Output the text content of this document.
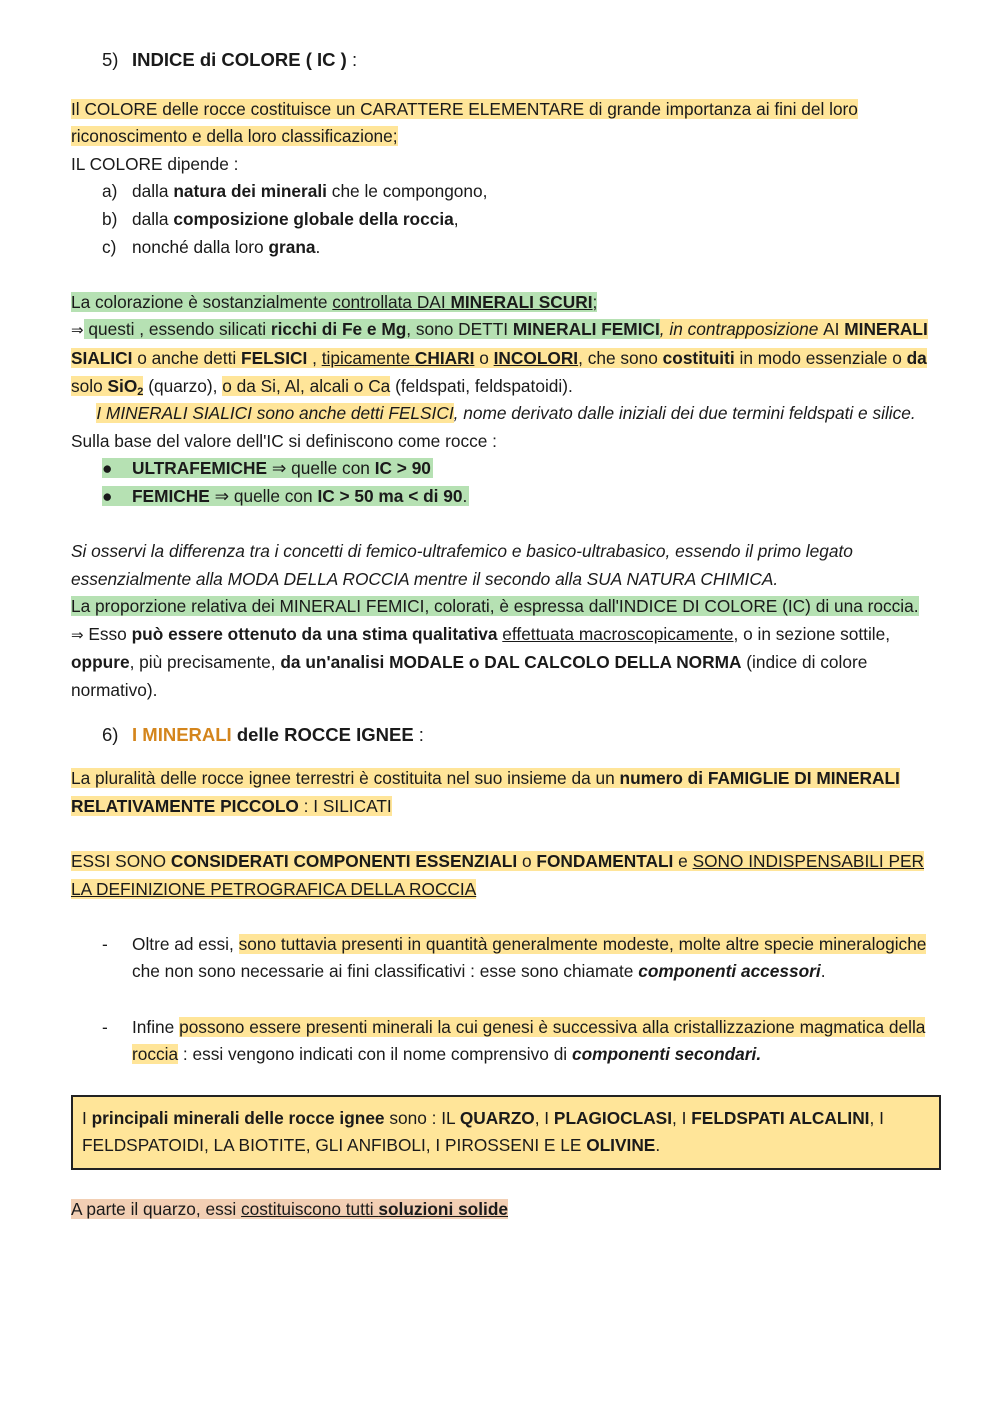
5) INDICE di COLORE ( IC ) :

Il COLORE delle rocce costituisce un CARATTERE ELEMENTARE di grande importanza ai fini del loro riconoscimento e della loro classificazione;

IL COLORE dipende :

a) dalla natura dei minerali che le compongono,
b) dalla composizione globale della roccia,
c) nonché dalla loro grana.

La colorazione è sostanzialmente controllata DAI MINERALI SCURI;

⇒ questi , essendo silicati ricchi di Fe e Mg, sono DETTI MINERALI FEMICI, in contrapposizione AI MINERALI SIALICI o anche detti FELSICI , tipicamente CHIARI o INCOLORI, che sono costituiti in modo essenziale o da solo SiO$_2$ (quarzo), o da Si, Al, alcali o Ca (feldspati, feldspatoidi).

I MINERALI SIALICI sono anche detti FELSICI, nome derivato dalle iniziali dei due termini feldspati e silice.

Sulla base del valore dell'IC si definiscono come rocce :

● ULTRAFEMICHE ⇒ quelle con IC > 90
● FEMICHE ⇒ quelle con IC > 50 ma < di 90.

Si osservi la differenza tra i concetti di femico-ultrafemico e basico-ultrabasico, essendo il primo legato essenzialmente alla MODA DELLA ROCCIA mentre il secondo alla SUA NATURA CHIMICA.

La proporzione relativa dei MINERALI FEMICI, colorati, è espressa dall'INDICE DI COLORE (IC) di una roccia.

⇒ Esso può essere ottenuto da una stima qualitativa effettuata macroscopicamente, o in sezione sottile, oppure, più precisamente, da un'analisi MODALE o DAL CALCOLO DELLA NORMA (indice di colore normativo).

6) I MINERALI delle ROCCE IGNEE :

La pluralità delle rocce ignee terrestri è costituita nel suo insieme da un numero di FAMIGLIE DI MINERALI RELATIVAMENTE PICCOLO : I SILICATI

ESSI SONO CONSIDERATI COMPONENTI ESSENZIALI o FONDAMENTALI e SONO INDISPENSABILI PER LA DEFINIZIONE PETROGRAFICA DELLA ROCCIA

- Oltre ad essi, sono tuttavia presenti in quantità generalmente modeste, molte altre specie mineralogiche che non sono necessarie ai fini classificativi : esse sono chiamate componenti accessori.

- Infine possono essere presenti minerali la cui genesi è successiva alla cristallizzazione magmatica della roccia : essi vengono indicati con il nome comprensivo di componenti secondari.

I principali minerali delle rocce ignee sono : IL QUARZO, I PLAGIOCLASI, I FELDSPATI ALCALINI, I FELDSPATOIDI, LA BIOTITE, GLI ANFIBOLI, I PIROSSENI E LE OLIVINE.

A parte il quarzo, essi costituiscono tutti soluzioni solide
